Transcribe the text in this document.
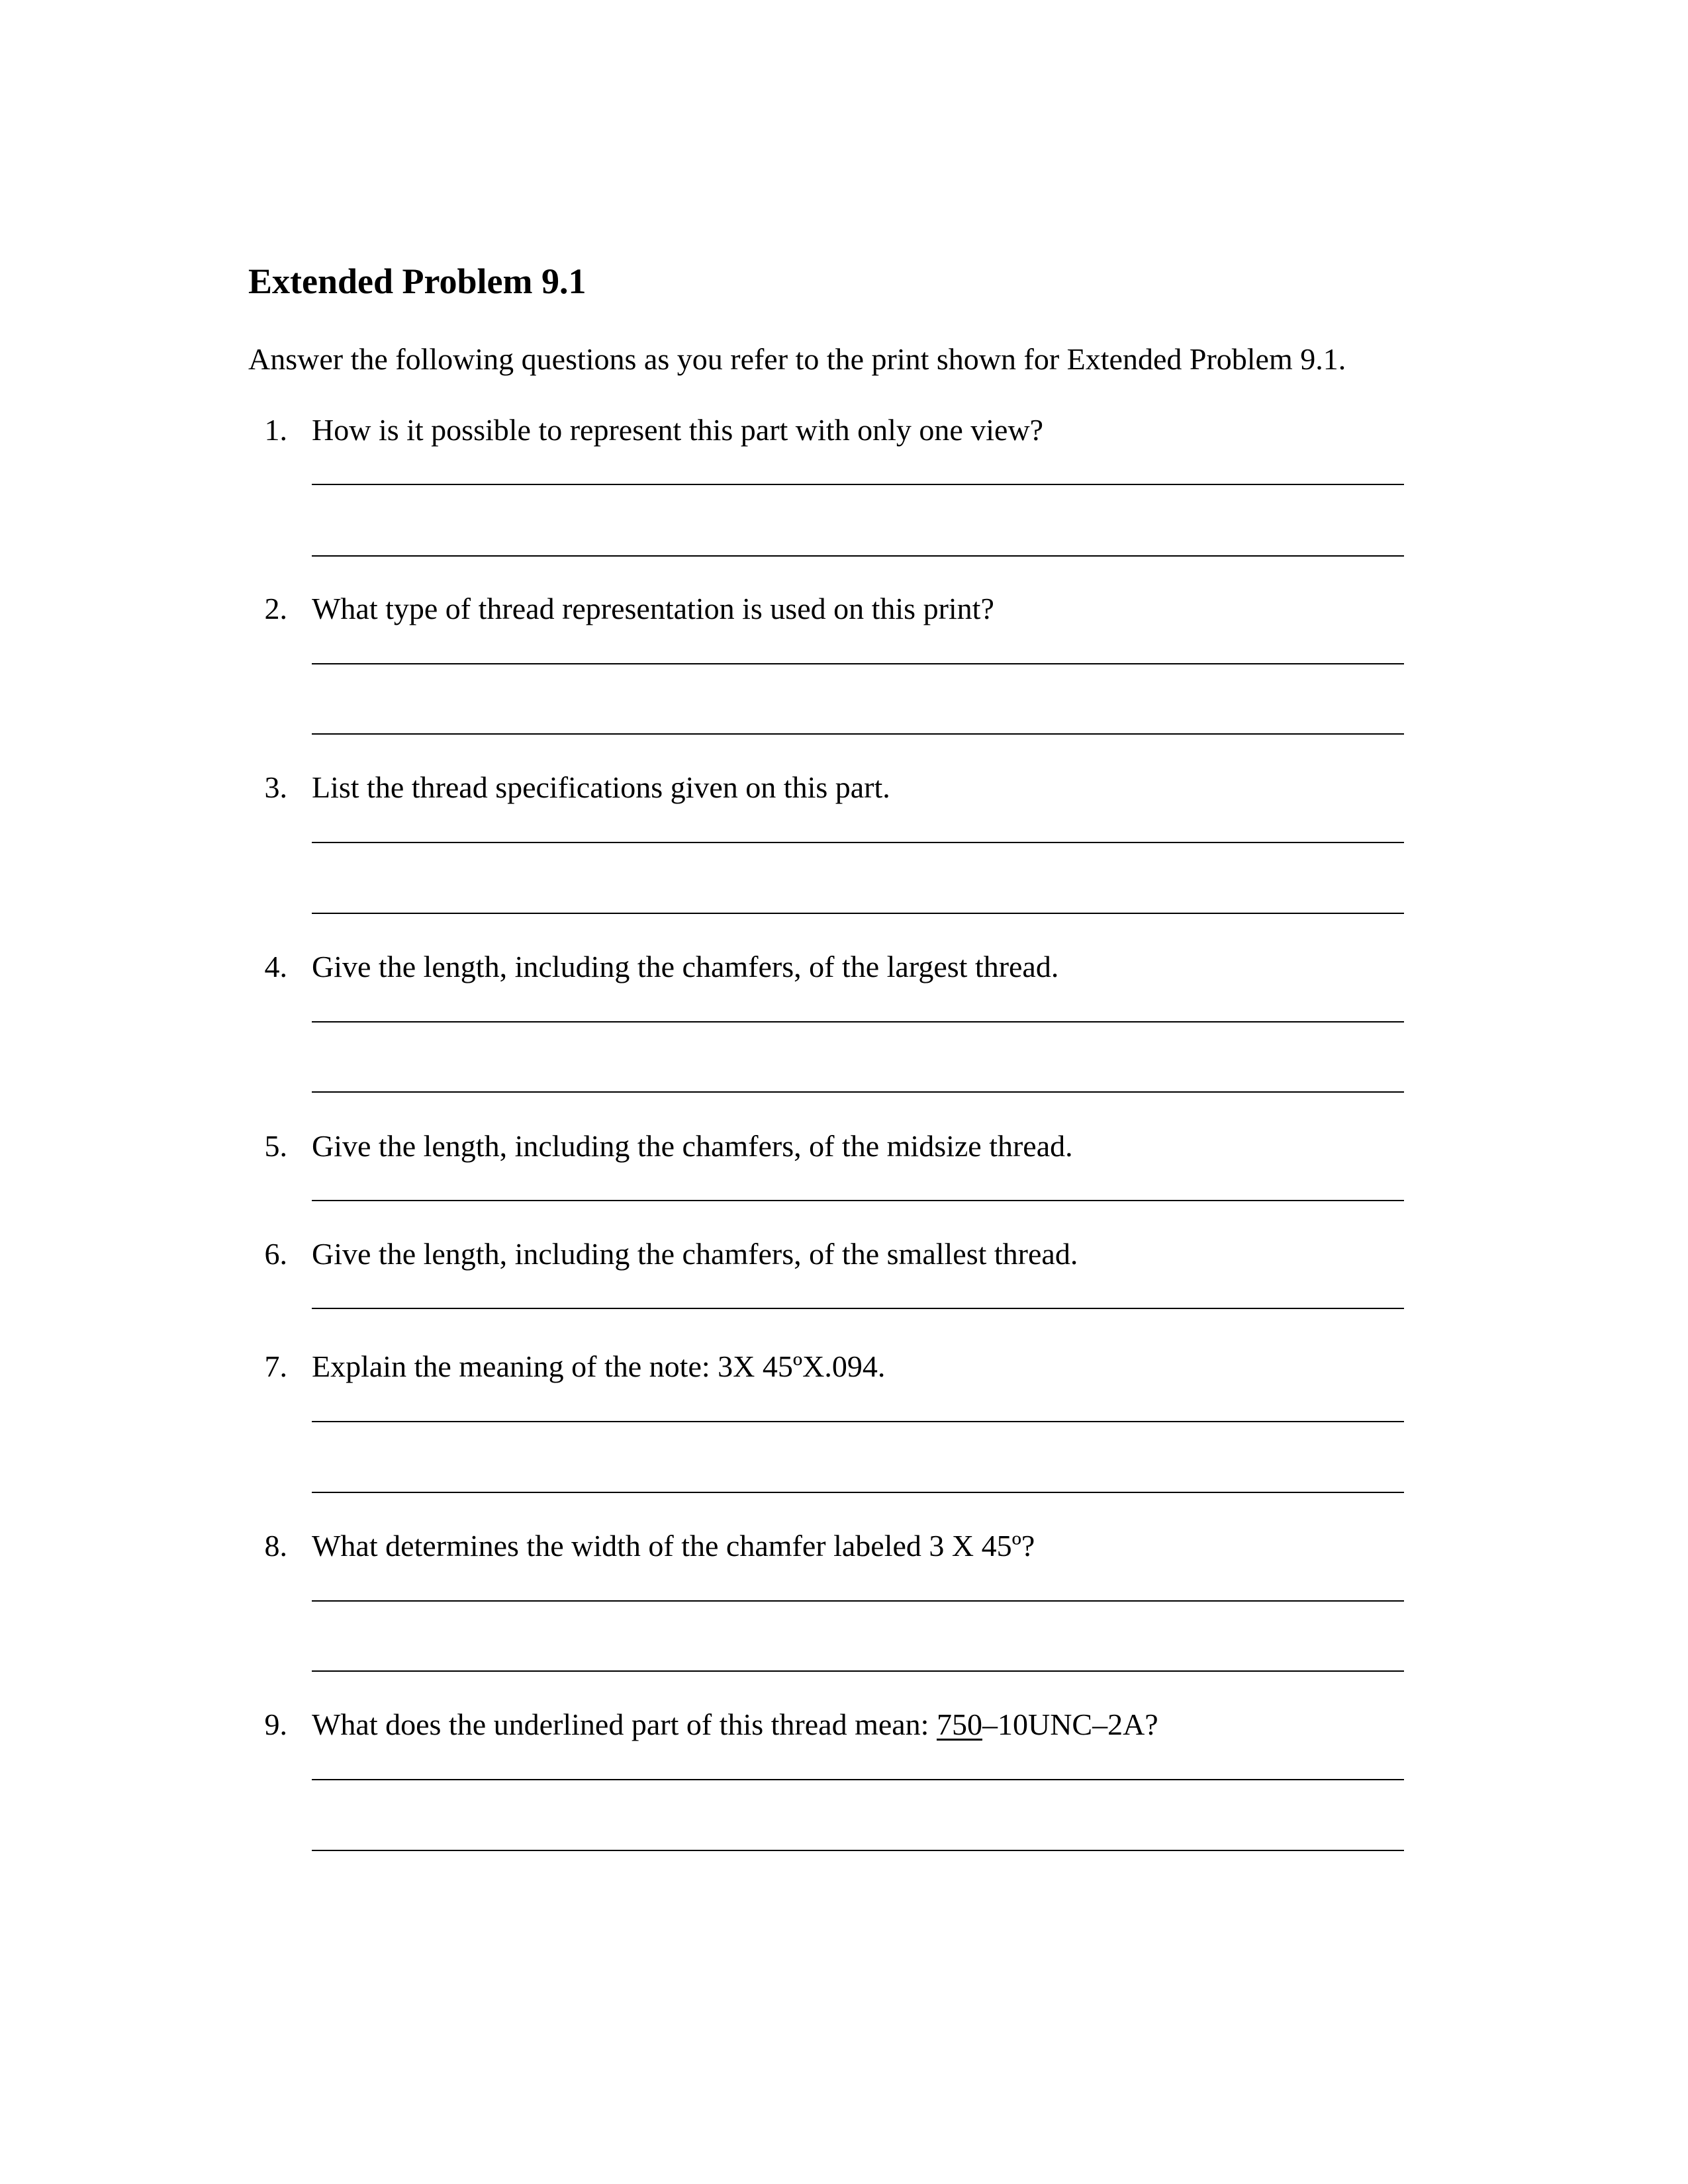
Extended Problem 9.1
Answer the following questions as you refer to the print shown for Extended Problem 9.1.
1. How is it possible to represent this part with only one view?
2. What type of thread representation is used on this print?
3. List the thread specifications given on this part.
4. Give the length, including the chamfers, of the largest thread.
5. Give the length, including the chamfers, of the midsize thread.
6. Give the length, including the chamfers, of the smallest thread.
7. Explain the meaning of the note: 3X 45ºX.094.
8. What determines the width of the chamfer labeled 3 X 45º?
9. What does the underlined part of this thread mean: 750–10UNC–2A?
